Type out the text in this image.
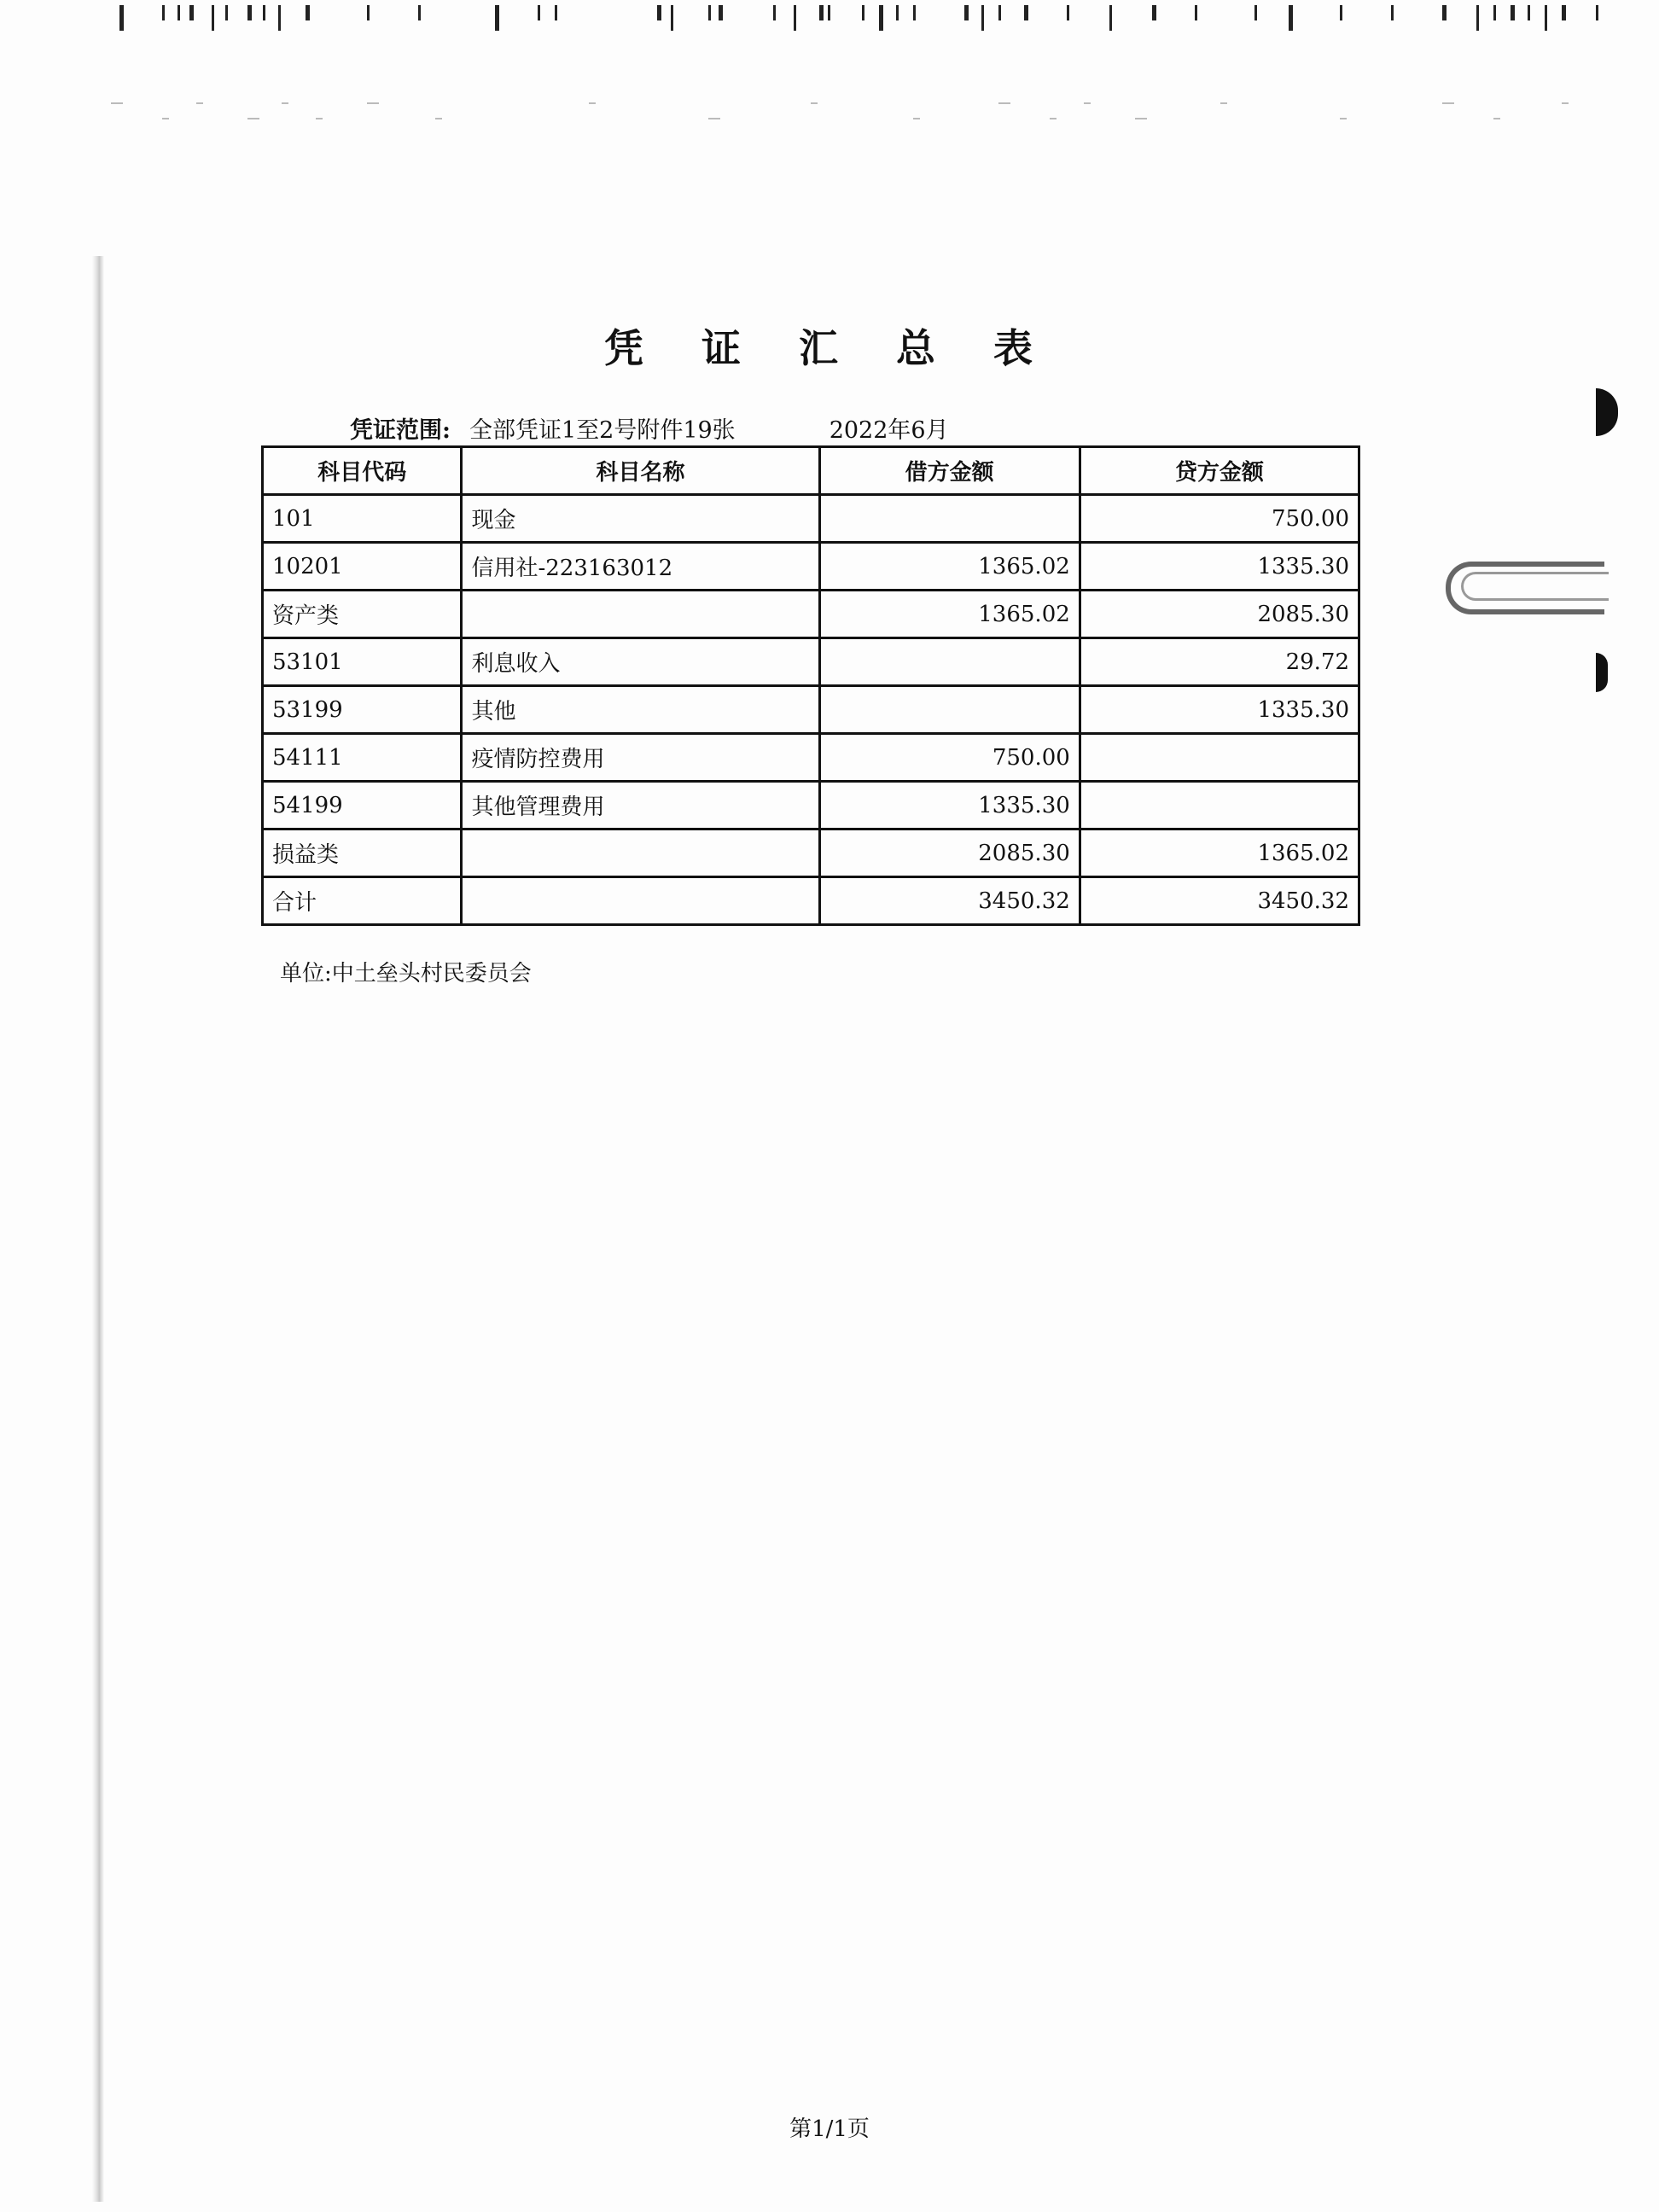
凭 证 汇 总 表
凭证范围: 全部凭证1至2号附件19张	2022年6月
科目代码	科目名称	借方金额	贷方金额
101	现金		750.00
10201	信用社-223163012	1365.02	1335.30
资产类		1365.02	2085.30
53101	利息收入		29.72
53199	其他		1335.30
54111	疫情防控费用	750.00	
54199	其他管理费用	1335.30	
损益类		2085.30	1365.02
合计		3450.32	3450.32
单位:中土垒头村民委员会
第1/1页
